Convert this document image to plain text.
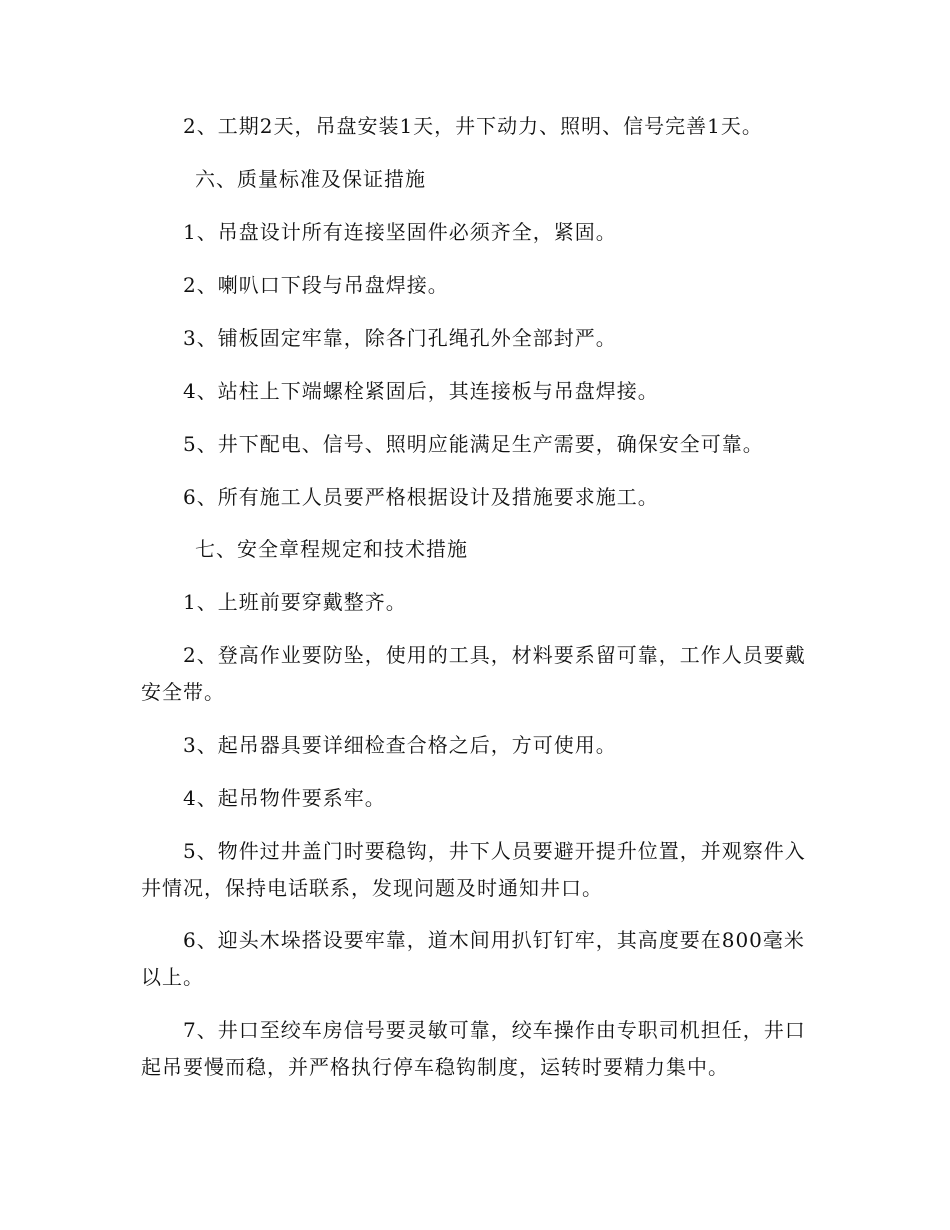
2、工期2天，吊盘安装1天，井下动力、照明、信号完善1天。

六、质量标准及保证措施

1、吊盘设计所有连接坚固件必须齐全，紧固。

2、喇叭口下段与吊盘焊接。

3、铺板固定牢靠，除各门孔绳孔外全部封严。

4、站柱上下端螺栓紧固后，其连接板与吊盘焊接。

5、井下配电、信号、照明应能满足生产需要，确保安全可靠。

6、所有施工人员要严格根据设计及措施要求施工。

七、安全章程规定和技术措施

1、上班前要穿戴整齐。

2、登高作业要防坠，使用的工具，材料要系留可靠，工作人员要戴安全带。

3、起吊器具要详细检查合格之后，方可使用。

4、起吊物件要系牢。

5、物件过井盖门时要稳钩，井下人员要避开提升位置，并观察件入井情况，保持电话联系，发现问题及时通知井口。

6、迎头木垛搭设要牢靠，道木间用扒钉钉牢，其高度要在800毫米以上。

7、井口至绞车房信号要灵敏可靠，绞车操作由专职司机担任，井口起吊要慢而稳，并严格执行停车稳钩制度，运转时要精力集中。
